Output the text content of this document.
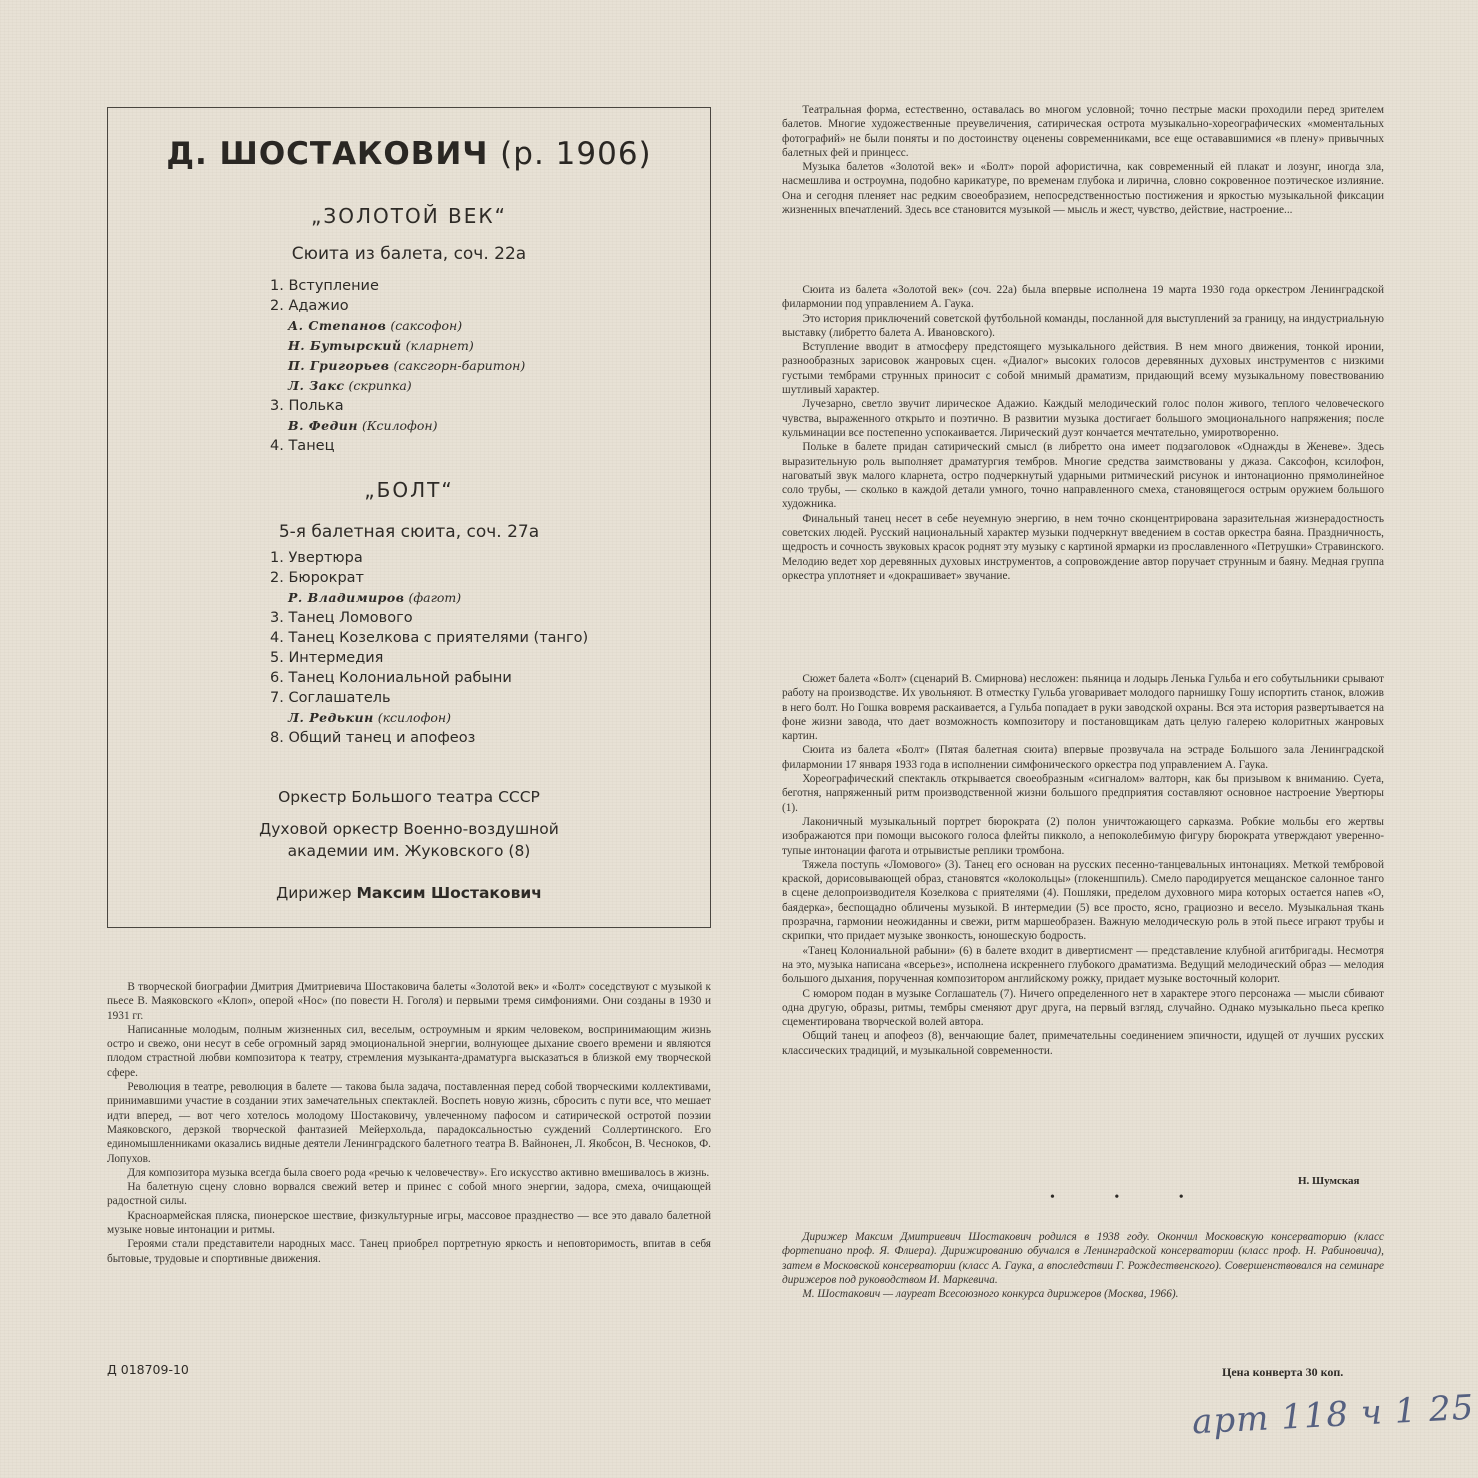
Д. ШОСТАКОВИЧ (р. 1906)
„ЗОЛОТОЙ ВЕК“
Сюита из балета, соч. 22а
1. Вступление
2. Адажио
А. Степанов (саксофон)
Н. Бутырский (кларнет)
П. Григорьев (саксгорн-баритон)
Л. Закс (скрипка)
3. Полька
В. Федин (Ксилофон)
4. Танец
„БОЛТ“
5-я балетная сюита, соч. 27а
1. Увертюра
2. Бюрократ
Р. Владимиров (фагот)
3. Танец Ломового
4. Танец Козелкова с приятелями (танго)
5. Интермедия
6. Танец Колониальной рабыни
7. Соглашатель
Л. Редькин (ксилофон)
8. Общий танец и апофеоз
Оркестр Большого театра СССР
Духовой оркестр Военно-воздушной
академии им. Жуковского (8)
Дирижер Максим Шостакович

В творческой биографии Дмитрия Дмитриевича Шостаковича балеты «Золотой век» и «Болт» соседствуют с музыкой к пьесе В. Маяковского «Клоп», оперой «Нос» (по повести Н. Гоголя) и первыми тремя симфониями. Они созданы в 1930 и 1931 гг.

Написанные молодым, полным жизненных сил, веселым, остроумным и ярким человеком, воспринимающим жизнь остро и свежо, они несут в себе огромный заряд эмоциональной энергии, волнующее дыхание своего времени и являются плодом страстной любви композитора к театру, стремления музыканта-драматурга высказаться в близкой ему творческой сфере.

Революция в театре, революция в балете — такова была задача, поставленная перед собой творческими коллективами, принимавшими участие в создании этих замечательных спектаклей. Воспеть новую жизнь, сбросить с пути все, что мешает идти вперед, — вот чего хотелось молодому Шостаковичу, увлеченному пафосом и сатирической остротой поэзии Маяковского, дерзкой творческой фантазией Мейерхольда, парадоксальностью суждений Соллертинского. Его единомышленниками оказались видные деятели Ленинградского балетного театра В. Вайнонен, Л. Якобсон, В. Чесноков, Ф. Лопухов.

Для композитора музыка всегда была своего рода «речью к человечеству». Его искусство активно вмешивалось в жизнь.

На балетную сцену словно ворвался свежий ветер и принес с собой много энергии, задора, смеха, очищающей радостной силы.

Красноармейская пляска, пионерское шествие, физкультурные игры, массовое празднество — все это давало балетной музыке новые интонации и ритмы.

Героями стали представители народных масс. Танец приобрел портретную яркость и неповторимость, впитав в себя бытовые, трудовые и спортивные движения.

Театральная форма, естественно, оставалась во многом условной; точно пестрые маски проходили перед зрителем балетов. Многие художественные преувеличения, сатирическая острота музыкально-хореографических «моментальных фотографий» не были поняты и по достоинству оценены современниками, все еще остававшимися «в плену» привычных балетных фей и принцесс.

Музыка балетов «Золотой век» и «Болт» порой афористична, как современный ей плакат и лозунг, иногда зла, насмешлива и остроумна, подобно карикатуре, по временам глубока и лирична, словно сокровенное поэтическое излияние. Она и сегодня пленяет нас редким своеобразием, непосредственностью постижения и яркостью музыкальной фиксации жизненных впечатлений. Здесь все становится музыкой — мысль и жест, чувство, действие, настроение...

Сюита из балета «Золотой век» (соч. 22а) была впервые исполнена 19 марта 1930 года оркестром Ленинградской филармонии под управлением А. Гаука.

Это история приключений советской футбольной команды, посланной для выступлений за границу, на индустриальную выставку (либретто балета А. Ивановского).

Вступление вводит в атмосферу предстоящего музыкального действия. В нем много движения, тонкой иронии, разнообразных зарисовок жанровых сцен. «Диалог» высоких голосов деревянных духовых инструментов с низкими густыми тембрами струнных приносит с собой мнимый драматизм, придающий всему музыкальному повествованию шутливый характер.

Лучезарно, светло звучит лирическое Адажио. Каждый мелодический голос полон живого, теплого человеческого чувства, выраженного открыто и поэтично. В развитии музыка достигает большого эмоционального напряжения; после кульминации все постепенно успокаивается. Лирический дуэт кончается мечтательно, умиротворенно.

Польке в балете придан сатирический смысл (в либретто она имеет подзаголовок «Однажды в Женеве». Здесь выразительную роль выполняет драматургия тембров. Многие средства заимствованы у джаза. Саксофон, ксилофон, наговатый звук малого кларнета, остро подчеркнутый ударными ритмический рисунок и интонационно прямолинейное соло трубы, — сколько в каждой детали умного, точно направленного смеха, становящегося острым оружием большого художника.

Финальный танец несет в себе неуемную энергию, в нем точно сконцентрирована заразительная жизнерадостность советских людей. Русский национальный характер музыки подчеркнут введением в состав оркестра баяна. Праздничность, щедрость и сочность звуковых красок роднят эту музыку с картиной ярмарки из прославленного «Петрушки» Стравинского. Мелодию ведет хор деревянных духовых инструментов, а сопровождение автор поручает струнным и баяну. Медная группа оркестра уплотняет и «докрашивает» звучание.

Сюжет балета «Болт» (сценарий В. Смирнова) несложен: пьяница и лодырь Ленька Гульба и его собутыльники срывают работу на производстве. Их увольняют. В отместку Гульба уговаривает молодого парнишку Гошу испортить станок, вложив в него болт. Но Гошка вовремя раскаивается, а Гульба попадает в руки заводской охраны. Вся эта история развертывается на фоне жизни завода, что дает возможность композитору и постановщикам дать целую галерею колоритных жанровых картин.

Сюита из балета «Болт» (Пятая балетная сюита) впервые прозвучала на эстраде Большого зала Ленинградской филармонии 17 января 1933 года в исполнении симфонического оркестра под управлением А. Гаука.

Хореографический спектакль открывается своеобразным «сигналом» валторн, как бы призывом к вниманию. Суета, беготня, напряженный ритм производственной жизни большого предприятия составляют основное настроение Увертюры (1).

Лаконичный музыкальный портрет бюрократа (2) полон уничтожающего сарказма. Робкие мольбы его жертвы изображаются при помощи высокого голоса флейты пикколо, а непоколебимую фигуру бюрократа утверждают уверенно-тупые интонации фагота и отрывистые реплики тромбона.

Тяжела поступь «Ломового» (3). Танец его основан на русских песенно-танцевальных интонациях. Меткой тембровой краской, дорисовывающей образ, становятся «колокольцы» (глокеншпиль). Смело пародируется мещанское салонное танго в сцене делопроизводителя Козелкова с приятелями (4). Пошляки, пределом духовного мира которых остается напев «О, баядерка», беспощадно обличены музыкой. В интермедии (5) все просто, ясно, грациозно и весело. Музыкальная ткань прозрачна, гармонии неожиданны и свежи, ритм маршеобразен. Важную мелодическую роль в этой пьесе играют трубы и скрипки, что придает музыке звонкость, юношескую бодрость.

«Танец Колониальной рабыни» (6) в балете входит в дивертисмент — представление клубной агитбригады. Несмотря на это, музыка написана «всерьез», исполнена искреннего глубокого драматизма. Ведущий мелодический образ — мелодия большого дыхания, порученная композитором английскому рожку, придает музыке восточный колорит.

С юмором подан в музыке Соглашатель (7). Ничего определенного нет в характере этого персонажа — мысли сбивают одна другую, образы, ритмы, тембры сменяют друг друга, на первый взгляд, случайно. Однако музыкально пьеса крепко сцементирована творческой волей автора.

Общий танец и апофеоз (8), венчающие балет, примечательны соединением эпичности, идущей от лучших русских классических традиций, и музыкальной современности.

Н. Шумская
• • •

Дирижер Максим Дмитриевич Шостакович родился в 1938 году. Окончил Московскую консерваторию (класс фортепиано проф. Я. Флиера). Дирижированию обучался в Ленинградской консерватории (класс проф. Н. Рабиновича), затем в Московской консерватории (класс А. Гаука, а впоследствии Г. Рождественского). Совершенствовался на семинаре дирижеров под руководством И. Маркевича.

М. Шостакович — лауреат Всесоюзного конкурса дирижеров (Москва, 1966).

Д 018709-10	Цена конверта 30 коп.
арт 118 ч 1 25
